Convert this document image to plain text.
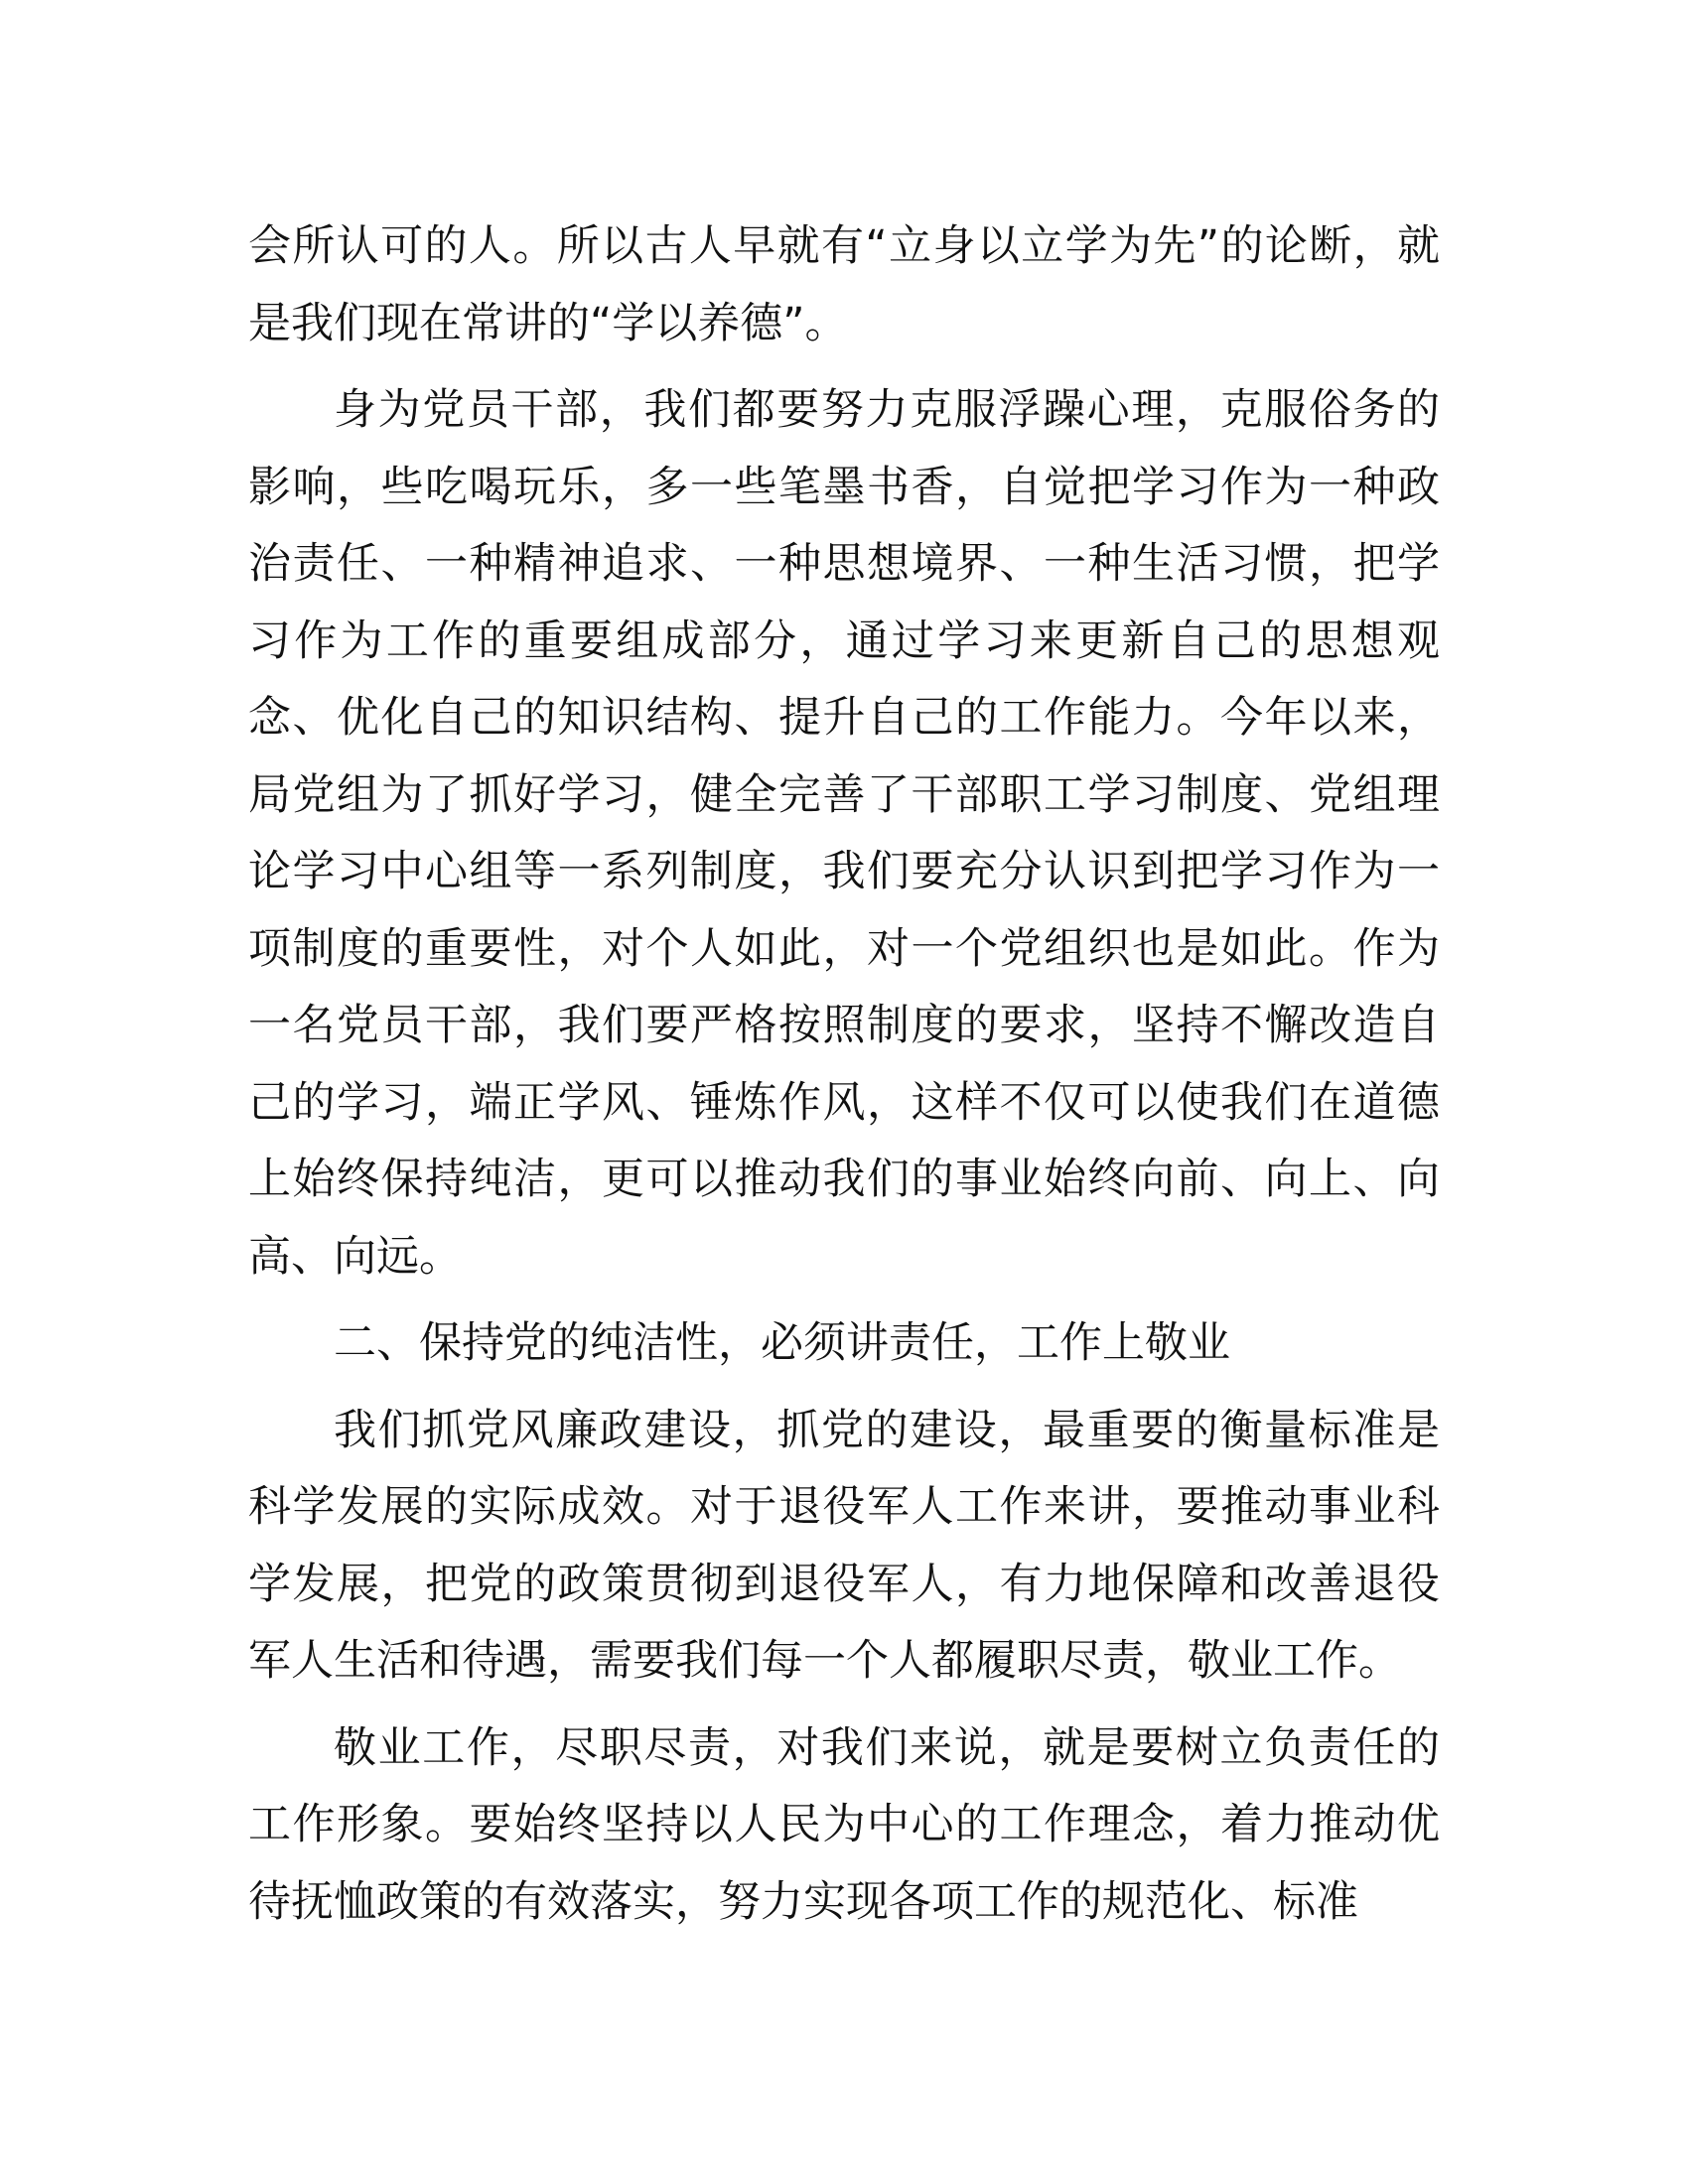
会所认可的人。所以古人早就有“立身以立学为先”的论断，就是我们现在常讲的“学以养德”。

身为党员干部，我们都要努力克服浮躁心理，克服俗务的影响，些吃喝玩乐，多一些笔墨书香，自觉把学习作为一种政治责任、一种精神追求、一种思想境界、一种生活习惯，把学习作为工作的重要组成部分，通过学习来更新自己的思想观念、优化自己的知识结构、提升自己的工作能力。今年以来，局党组为了抓好学习，健全完善了干部职工学习制度、党组理论学习中心组等一系列制度，我们要充分认识到把学习作为一项制度的重要性，对个人如此，对一个党组织也是如此。作为一名党员干部，我们要严格按照制度的要求，坚持不懈改造自己的学习，端正学风、锤炼作风，这样不仅可以使我们在道德上始终保持纯洁，更可以推动我们的事业始终向前、向上、向高、向远。

二、保持党的纯洁性，必须讲责任，工作上敬业

我们抓党风廉政建设，抓党的建设，最重要的衡量标准是科学发展的实际成效。对于退役军人工作来讲，要推动事业科学发展，把党的政策贯彻到退役军人，有力地保障和改善退役军人生活和待遇，需要我们每一个人都履职尽责，敬业工作。

敬业工作，尽职尽责，对我们来说，就是要树立负责任的工作形象。要始终坚持以人民为中心的工作理念，着力推动优待抚恤政策的有效落实，努力实现各项工作的规范化、标准
